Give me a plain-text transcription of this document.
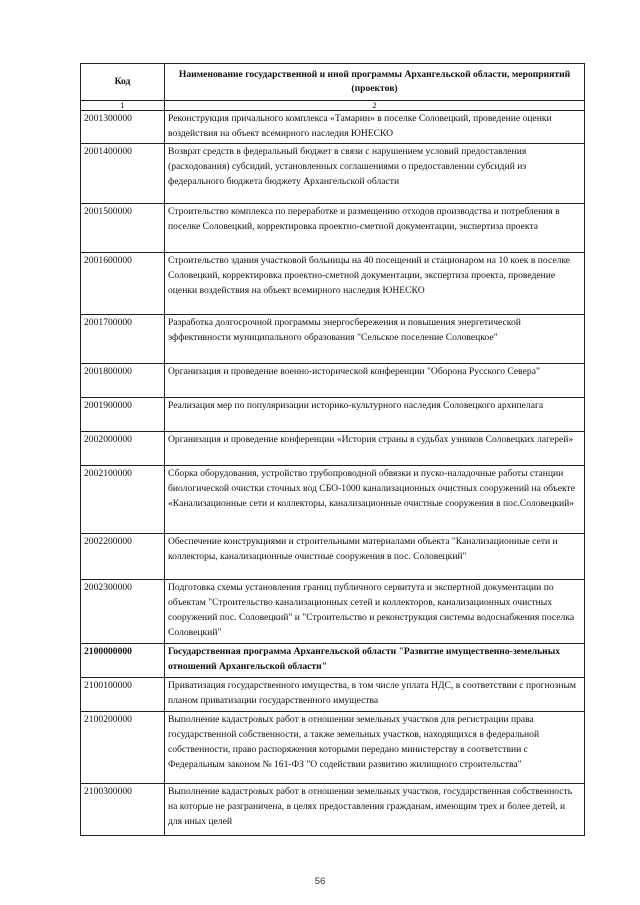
Код	Наименование государственной и иной программы Архангельской области, мероприятий (проектов)
1	2
2001300000	Реконструкция причального комплекса «Тамарин» в поселке Соловецкий, проведение оценки воздействия на объект всемирного наследия ЮНЕСКО
2001400000	Возврат средств в федеральный бюджет в связи с нарушением условий предоставления (расходования) субсидий, установленных соглашениями о предоставлении субсидий из федерального бюджета бюджету Архангельской области
2001500000	Строительство комплекса по переработке и размещению отходов производства и потребления в поселке Соловецкий, корректировка проектно-сметной документации, экспертиза проекта
2001600000	Строительство здания участковой больницы на 40 посещений и стационаром на 10 коек в поселке Соловецкий, корректировка проектно-сметной документации, экспертиза проекта, проведение оценки воздействия на объект всемирного наследия ЮНЕСКО
2001700000	Разработка долгосрочной программы энергосбережения и повышения энергетической эффективности муниципального образования "Сельское поселение Соловецкое"
2001800000	Организация и проведение военно-исторической конференции "Оборона Русского Севера"
2001900000	Реализация мер по популяризации историко-культурного наследия Соловецкого архипелага
2002000000	Организация и проведение конференции «История страны в судьбах узников Соловецких лагерей»
2002100000	Сборка оборудования, устройство трубопроводной обвязки и пуско-наладочные работы станции биологической очистки сточных вод СБО-1000 канализационных очистных сооружений на объекте «Канализационные сети и коллекторы, канализационные очистные сооружения в пос.Соловецкий»
2002200000	Обеспечение конструкциями и строительными материалами объекта "Канализационные сети и коллекторы, канализационные очистные сооружения в пос. Соловецкий"
2002300000	Подготовка схемы установления границ публичного сервитута и экспертной документации по объектам "Строительство канализационных сетей и коллекторов, канализационных очистных сооружений пос. Соловецкий" и "Строительство и реконструкция системы водоснабжения поселка Соловецкий"
2100000000	Государственная программа Архангельской области "Развитие имущественно-земельных отношений Архангельской области"
2100100000	Приватизация государственного имущества, в том числе уплата НДС, в соответствии с прогнозным планом приватизации государственного имущества
2100200000	Выполнение кадастровых работ в отношении земельных участков для регистрации права государственной собственности, а также земельных участков, находящихся в федеральной собственности, право распоряжения которыми передано министерству в соответствии с Федеральным законом № 161-ФЗ "О содействии развитию жилищного строительства"
2100300000	Выполнение кадастровых работ в отношении земельных участков, государственная собственность на которые не разграничена, в целях предоставления гражданам, имеющим трех и более детей, и для иных целей
56
